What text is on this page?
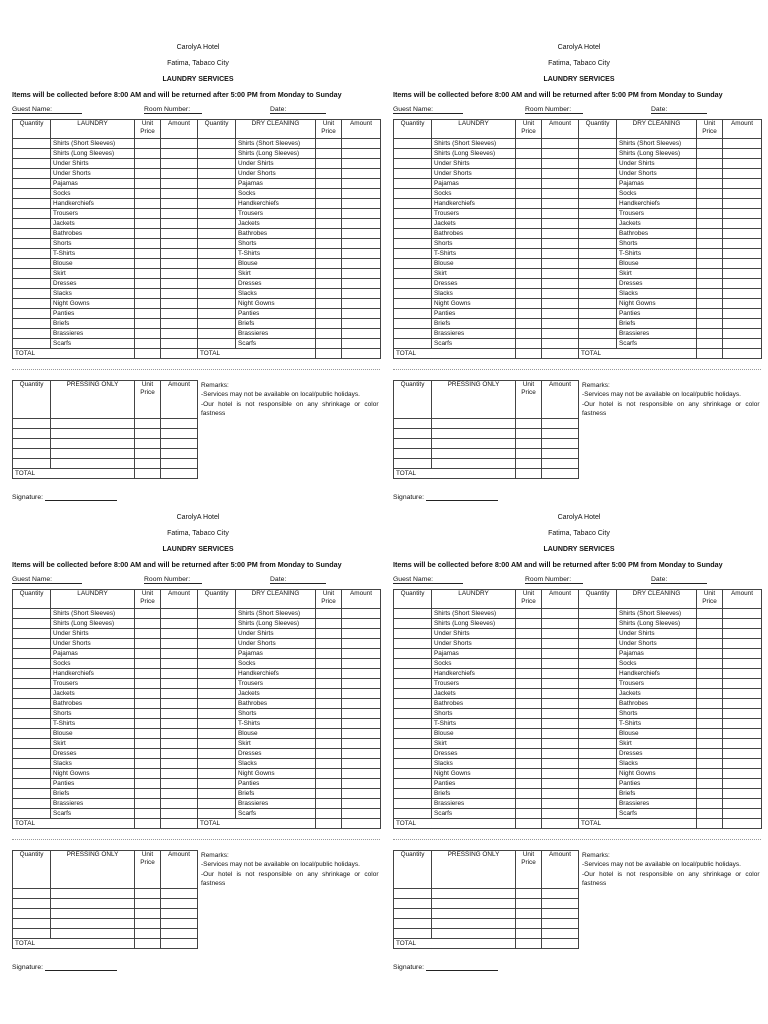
CarolyA Hotel
Fatima, Tabaco City
LAUNDRY SERVICES
Items will be collected before 8:00 AM and will be returned after 5:00 PM from Monday to Sunday
Guest Name:	Room Number:	Date:
Quantity	LAUNDRY	Unit Price	Amount	Quantity	DRY CLEANING	Unit Price	Amount
	Shirts (Short Sleeves)				Shirts (Short Sleeves)		
	Shirts (Long Sleeves)				Shirts (Long Sleeves)		
	Under Shirts				Under Shirts		
	Under Shorts				Under Shorts		
	Pajamas				Pajamas		
	Socks				Socks		
	Handkerchiefs				Handkerchiefs		
	Trousers				Trousers		
	Jackets				Jackets		
	Bathrobes				Bathrobes		
	Shorts				Shorts		
	T-Shirts				T-Shirts		
	Blouse				Blouse		
	Skirt				Skirt		
	Dresses				Dresses		
	Slacks				Slacks		
	Night Gowns				Night Gowns		
	Panties				Panties		
	Briefs				Briefs		
	Brassieres				Brassieres		
	Scarfs				Scarfs		
TOTAL				TOTAL			
Quantity	PRESSING ONLY	Unit Price	Amount	Remarks:
-Services may not be available on local/public holidays.
-Our hotel is not responsible on any shrinkage or color fastness

TOTAL				
Signature:
CarolyA Hotel
Fatima, Tabaco City
LAUNDRY SERVICES
Items will be collected before 8:00 AM and will be returned after 5:00 PM from Monday to Sunday
Guest Name:	Room Number:	Date:
Quantity	LAUNDRY	Unit Price	Amount	Quantity	DRY CLEANING	Unit Price	Amount
	Shirts (Short Sleeves)				Shirts (Short Sleeves)		
	Shirts (Long Sleeves)				Shirts (Long Sleeves)		
	Under Shirts				Under Shirts		
	Under Shorts				Under Shorts		
	Pajamas				Pajamas		
	Socks				Socks		
	Handkerchiefs				Handkerchiefs		
	Trousers				Trousers		
	Jackets				Jackets		
	Bathrobes				Bathrobes		
	Shorts				Shorts		
	T-Shirts				T-Shirts		
	Blouse				Blouse		
	Skirt				Skirt		
	Dresses				Dresses		
	Slacks				Slacks		
	Night Gowns				Night Gowns		
	Panties				Panties		
	Briefs				Briefs		
	Brassieres				Brassieres		
	Scarfs				Scarfs		
TOTAL				TOTAL			
Quantity	PRESSING ONLY	Unit Price	Amount	Remarks:
-Services may not be available on local/public holidays.
-Our hotel is not responsible on any shrinkage or color fastness

TOTAL				
Signature:
CarolyA Hotel
Fatima, Tabaco City
LAUNDRY SERVICES
Items will be collected before 8:00 AM and will be returned after 5:00 PM from Monday to Sunday
Guest Name:	Room Number:	Date:
Quantity	LAUNDRY	Unit Price	Amount	Quantity	DRY CLEANING	Unit Price	Amount
	Shirts (Short Sleeves)				Shirts (Short Sleeves)		
	Shirts (Long Sleeves)				Shirts (Long Sleeves)		
	Under Shirts				Under Shirts		
	Under Shorts				Under Shorts		
	Pajamas				Pajamas		
	Socks				Socks		
	Handkerchiefs				Handkerchiefs		
	Trousers				Trousers		
	Jackets				Jackets		
	Bathrobes				Bathrobes		
	Shorts				Shorts		
	T-Shirts				T-Shirts		
	Blouse				Blouse		
	Skirt				Skirt		
	Dresses				Dresses		
	Slacks				Slacks		
	Night Gowns				Night Gowns		
	Panties				Panties		
	Briefs				Briefs		
	Brassieres				Brassieres		
	Scarfs				Scarfs		
TOTAL				TOTAL			
Quantity	PRESSING ONLY	Unit Price	Amount	Remarks:
-Services may not be available on local/public holidays.
-Our hotel is not responsible on any shrinkage or color fastness

TOTAL				
Signature:
CarolyA Hotel
Fatima, Tabaco City
LAUNDRY SERVICES
Items will be collected before 8:00 AM and will be returned after 5:00 PM from Monday to Sunday
Guest Name:	Room Number:	Date:
Quantity	LAUNDRY	Unit Price	Amount	Quantity	DRY CLEANING	Unit Price	Amount
	Shirts (Short Sleeves)				Shirts (Short Sleeves)		
	Shirts (Long Sleeves)				Shirts (Long Sleeves)		
	Under Shirts				Under Shirts		
	Under Shorts				Under Shorts		
	Pajamas				Pajamas		
	Socks				Socks		
	Handkerchiefs				Handkerchiefs		
	Trousers				Trousers		
	Jackets				Jackets		
	Bathrobes				Bathrobes		
	Shorts				Shorts		
	T-Shirts				T-Shirts		
	Blouse				Blouse		
	Skirt				Skirt		
	Dresses				Dresses		
	Slacks				Slacks		
	Night Gowns				Night Gowns		
	Panties				Panties		
	Briefs				Briefs		
	Brassieres				Brassieres		
	Scarfs				Scarfs		
TOTAL				TOTAL			
Quantity	PRESSING ONLY	Unit Price	Amount	Remarks:
-Services may not be available on local/public holidays.
-Our hotel is not responsible on any shrinkage or color fastness

TOTAL				
Signature:
